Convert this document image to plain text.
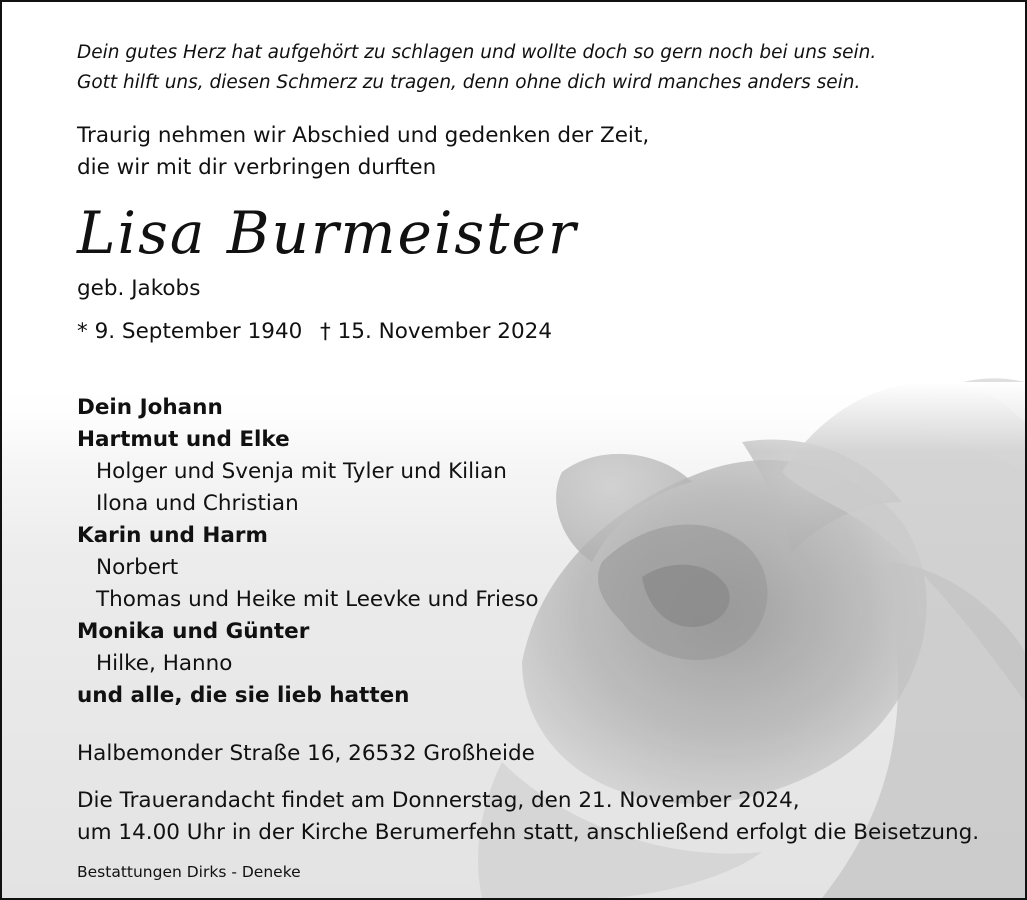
Dein gutes Herz hat aufgehört zu schlagen und wollte doch so gern noch bei uns sein.
Gott hilft uns, diesen Schmerz zu tragen, denn ohne dich wird manches anders sein.
Traurig nehmen wir Abschied und gedenken der Zeit,
die wir mit dir verbringen durften
Lisa Burmeister
geb. Jakobs
* 9. September 1940 † 15. November 2024
Dein Johann
Hartmut und Elke
Holger und Svenja mit Tyler und Kilian
Ilona und Christian
Karin und Harm
Norbert
Thomas und Heike mit Leevke und Frieso
Monika und Günter
Hilke, Hanno
und alle, die sie lieb hatten
Halbemonder Straße 16, 26532 Großheide
Die Trauerandacht findet am Donnerstag, den 21. November 2024,
um 14.00 Uhr in der Kirche Berumerfehn statt, anschließend erfolgt die Beisetzung.
Bestattungen Dirks - Deneke
